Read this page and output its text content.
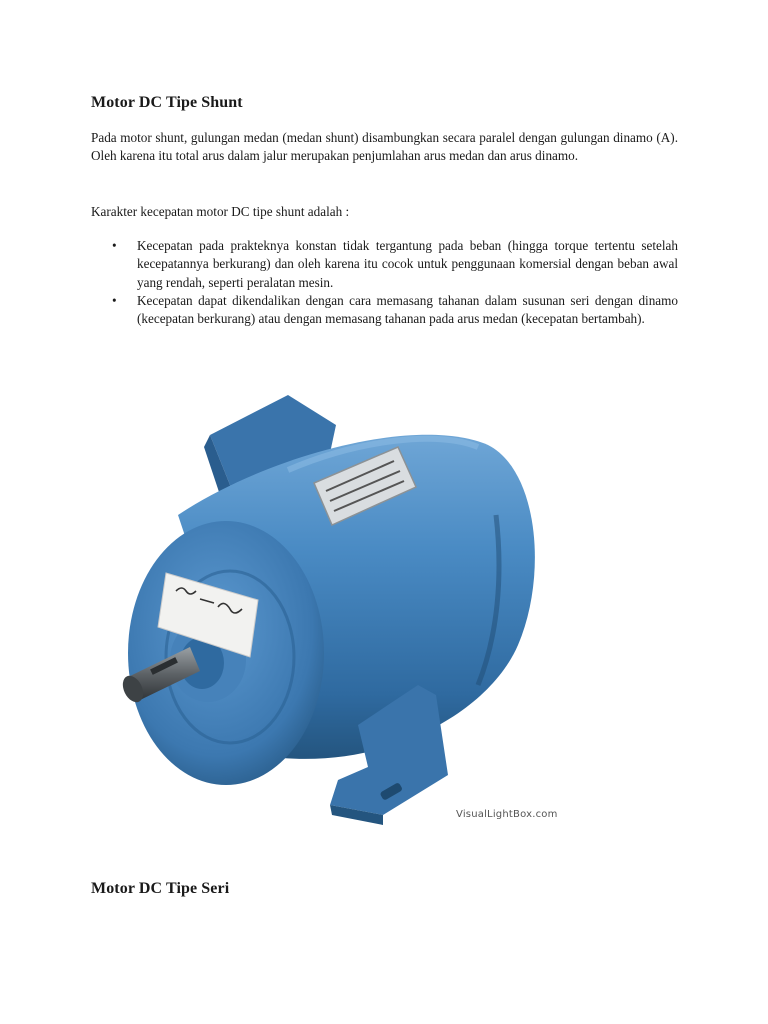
Motor DC Tipe Shunt

Pada motor shunt, gulungan medan (medan shunt) disambungkan secara paralel dengan gulungan dinamo (A). Oleh karena itu total arus dalam jalur merupakan penjumlahan arus medan dan arus dinamo.

Karakter kecepatan motor DC tipe shunt adalah :

• Kecepatan pada prakteknya konstan tidak tergantung pada beban (hingga torque tertentu setelah kecepatannya berkurang) dan oleh karena itu cocok untuk penggunaan komersial dengan beban awal yang rendah, seperti peralatan mesin.
• Kecepatan dapat dikendalikan dengan cara memasang tahanan dalam susunan seri dengan dinamo (kecepatan berkurang) atau dengan memasang tahanan pada arus medan (kecepatan bertambah).
VisualLightBox.com
Motor DC Tipe Seri
